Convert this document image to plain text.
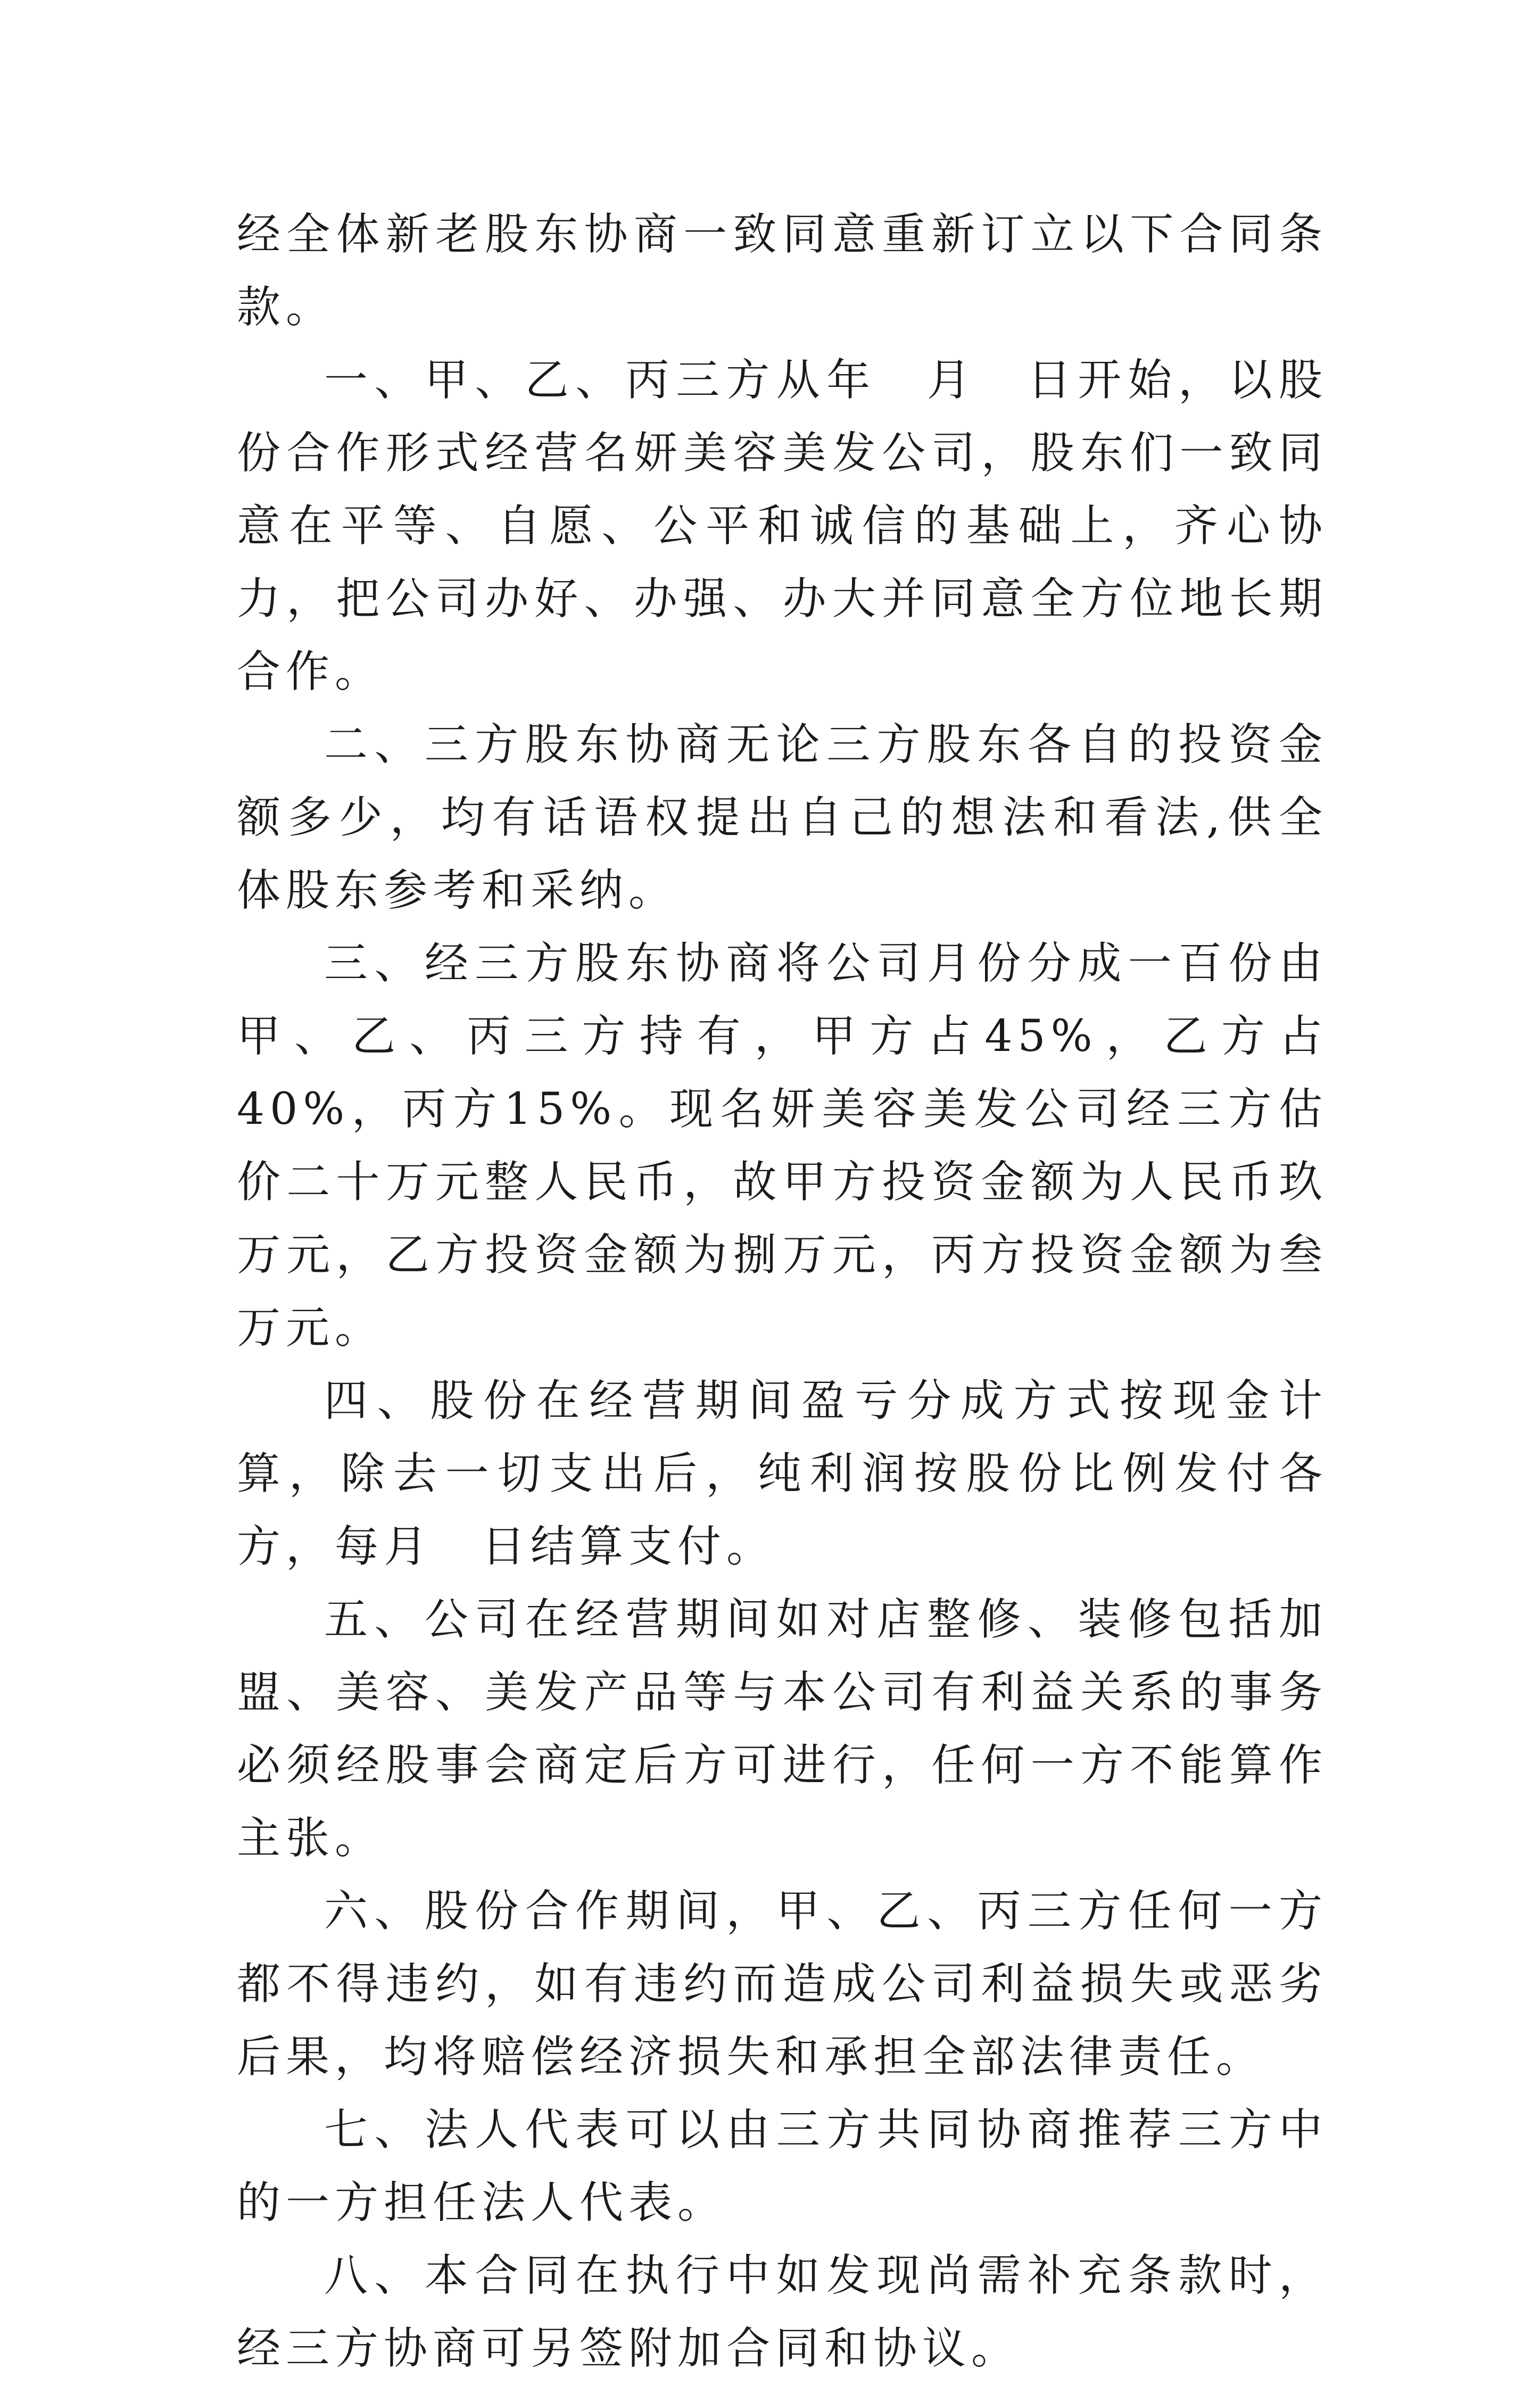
经全体新老股东协商一致同意重新订立以下合同条款。

一、甲、乙、丙三方从年　月　日开始，以股份合作形式经营名妍美容美发公司，股东们一致同意在平等、自愿、公平和诚信的基础上，齐心协力，把公司办好、办强、办大并同意全方位地长期合作。

二、三方股东协商无论三方股东各自的投资金额多少，均有话语权提出自己的想法和看法,供全体股东参考和采纳。

三、经三方股东协商将公司月份分成一百份由甲、乙、丙三方持有，甲方占45%，乙方占40%，丙方15%。现名妍美容美发公司经三方估价二十万元整人民币，故甲方投资金额为人民币玖万元，乙方投资金额为捌万元，丙方投资金额为叁万元。

四、股份在经营期间盈亏分成方式按现金计算，除去一切支出后，纯利润按股份比例发付各方，每月　日结算支付。

五、公司在经营期间如对店整修、装修包括加盟、美容、美发产品等与本公司有利益关系的事务必须经股事会商定后方可进行，任何一方不能算作主张。

六、股份合作期间，甲、乙、丙三方任何一方都不得违约，如有违约而造成公司利益损失或恶劣后果，均将赔偿经济损失和承担全部法律责任。

七、法人代表可以由三方共同协商推荐三方中的一方担任法人代表。

八、本合同在执行中如发现尚需补充条款时，经三方协商可另签附加合同和协议。
